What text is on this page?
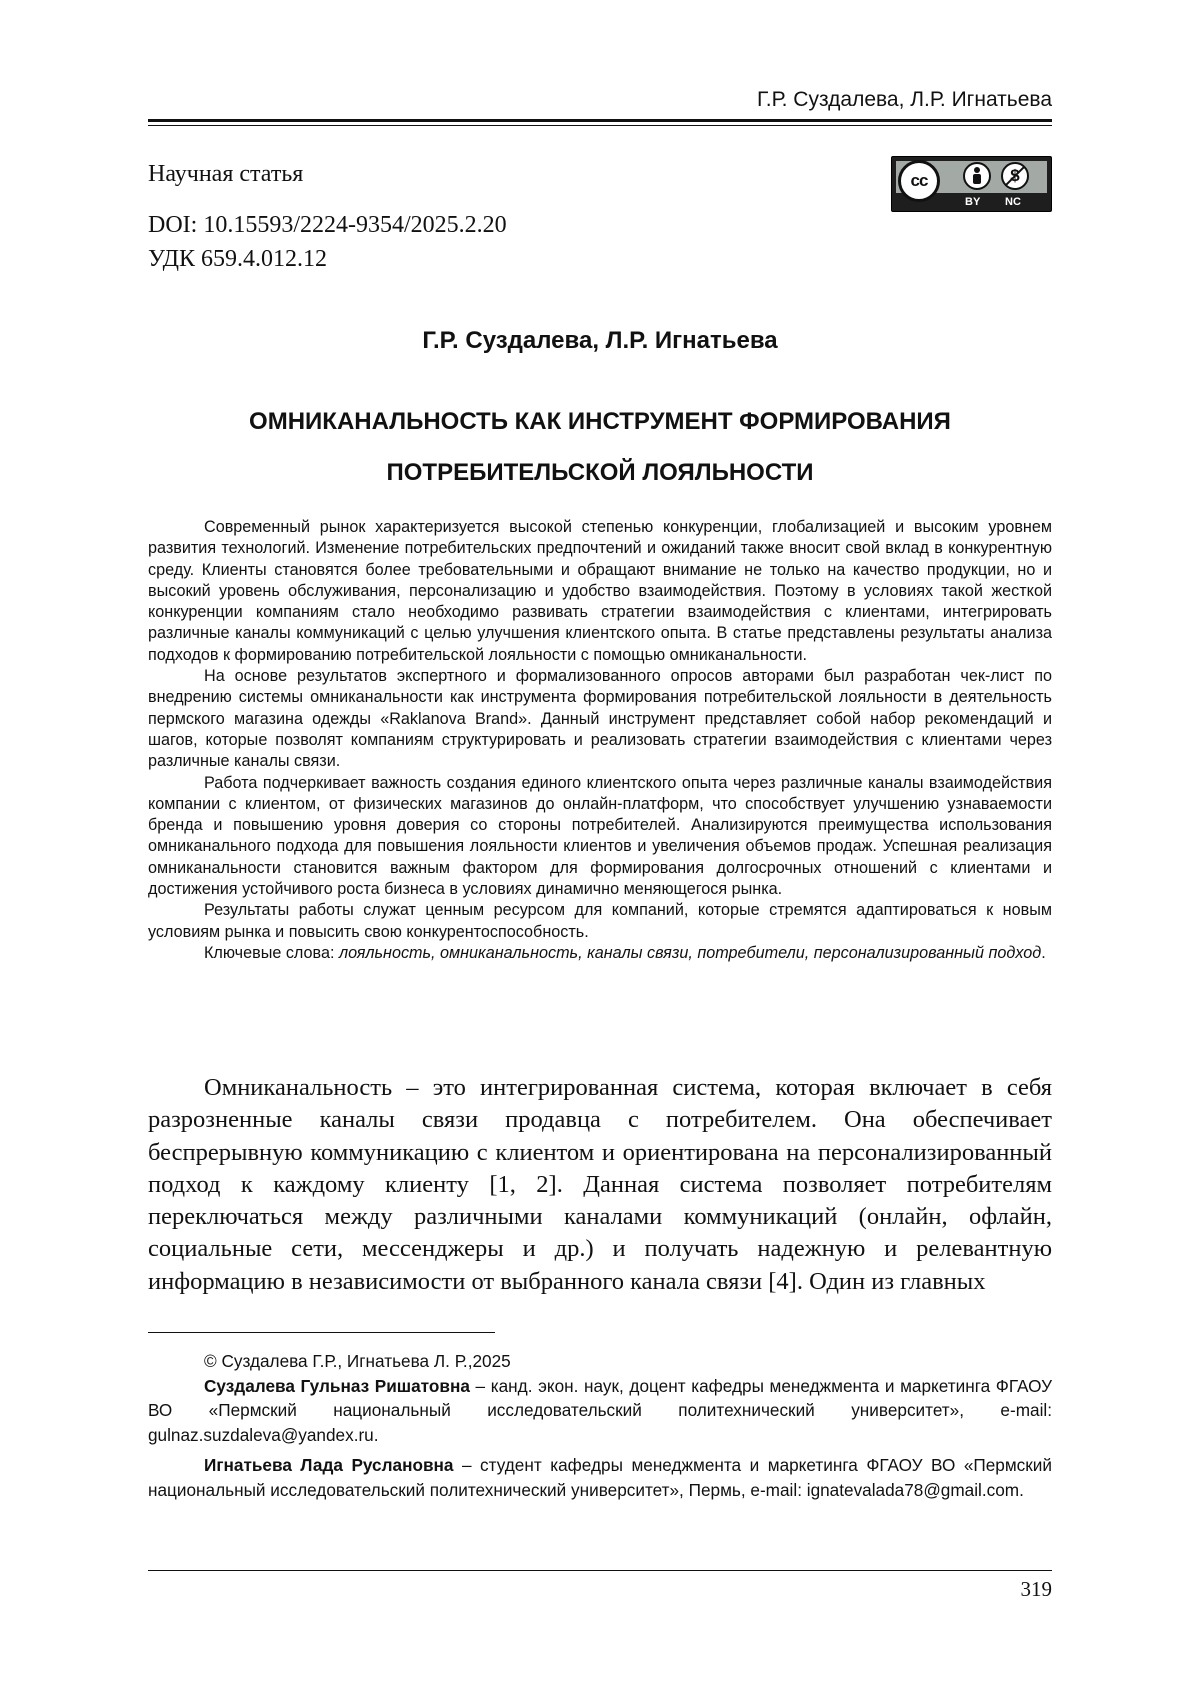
Г.Р. Суздалева, Л.Р. Игнатьева
Научная статья
DOI: 10.15593/2224-9354/2025.2.20
УДК 659.4.012.12
cc
BY NC
Г.Р. Суздалева, Л.Р. Игнатьева
ОМНИКАНАЛЬНОСТЬ КАК ИНСТРУМЕНТ ФОРМИРОВАНИЯ ПОТРЕБИТЕЛЬСКОЙ ЛОЯЛЬНОСТИ

Современный рынок характеризуется высокой степенью конкуренции, глобализацией и высоким уровнем развития технологий. Изменение потребительских предпочтений и ожиданий также вносит свой вклад в конкурентную среду. Клиенты становятся более требовательными и обращают внимание не только на качество продукции, но и высокий уровень обслуживания, персонализацию и удобство взаимодействия. Поэтому в условиях такой жесткой конкуренции компаниям стало необходимо развивать стратегии взаимодействия с клиентами, интегрировать различные каналы коммуникаций с целью улучшения клиентского опыта. В статье представлены результаты анализа подходов к формированию потребительской лояльности с помощью омниканальности.

На основе результатов экспертного и формализованного опросов авторами был разработан чек-лист по внедрению системы омниканальности как инструмента формирования потребительской лояльности в деятельность пермского магазина одежды «Raklanova Brand». Данный инструмент представляет собой набор рекомендаций и шагов, которые позволят компаниям структурировать и реализовать стратегии взаимодействия с клиентами через различные каналы связи.

Работа подчеркивает важность создания единого клиентского опыта через различные каналы взаимодействия компании с клиентом, от физических магазинов до онлайн-платформ, что способствует улучшению узнаваемости бренда и повышению уровня доверия со стороны потребителей. Анализируются преимущества использования омниканального подхода для повышения лояльности клиентов и увеличения объемов продаж. Успешная реализация омниканальности становится важным фактором для формирования долгосрочных отношений с клиентами и достижения устойчивого роста бизнеса в условиях динамично меняющегося рынка.

Результаты работы служат ценным ресурсом для компаний, которые стремятся адаптироваться к новым условиям рынка и повысить свою конкурентоспособность.

Ключевые слова: лояльность, омниканальность, каналы связи, потребители, персонализированный подход.

Омниканальность – это интегрированная система, которая включает в себя разрозненные каналы связи продавца с потребителем. Она обеспечивает беспрерывную коммуникацию с клиентом и ориентирована на персонализированный подход к каждому клиенту [1, 2]. Данная система позволяет потребителям переключаться между различными каналами коммуникаций (онлайн, офлайн, социальные сети, мессенджеры и др.) и получать надежную и релевантную информацию в независимости от выбранного канала связи [4]. Один из главных

© Суздалева Г.Р., Игнатьева Л. Р.,2025

Суздалева Гульназ Ришатовна – канд. экон. наук, доцент кафедры менеджмента и маркетинга ФГАОУ ВО «Пермский национальный исследовательский политехнический университет», e-mail: gulnaz.suzdaleva@yandex.ru.

Игнатьева Лада Руслановна – студент кафедры менеджмента и маркетинга ФГАОУ ВО «Пермский национальный исследовательский политехнический университет», Пермь, e-mail: ignatevalada78@gmail.com.

319
